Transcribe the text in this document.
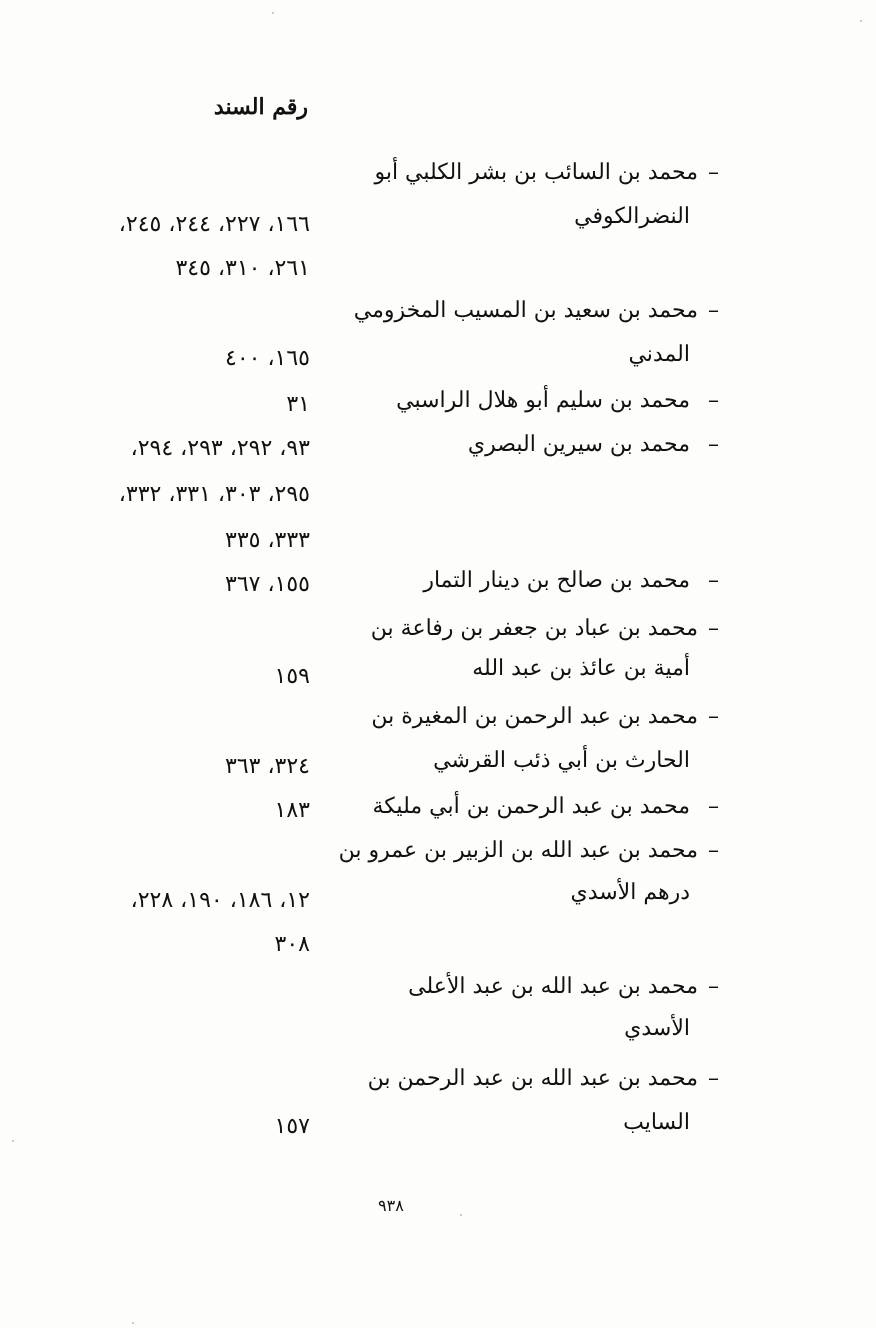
رقم السند
–
محمد بن السائب بن بشر الكلبي أبو
النضرالكوفي
١٦٦، ٢٢٧، ٢٤٤، ٢٤٥،
٢٦١، ٣١٠، ٣٤٥
–
محمد بن سعيد بن المسيب المخزومي
المدني
١٦٥، ٤٠٠
–
محمد بن سليم أبو هلال الراسبي
٣١
–
محمد بن سيرين البصري
٩٣، ٢٩٢، ٢٩٣، ٢٩٤،
٢٩٥، ٣٠٣، ٣٣١، ٣٣٢،
٣٣٣، ٣٣٥
–
محمد بن صالح بن دينار التمار
١٥٥، ٣٦٧
–
محمد بن عباد بن جعفر بن رفاعة بن
أمية بن عائذ بن عبد الله
١٥٩
–
محمد بن عبد الرحمن بن المغيرة بن
الحارث بن أبي ذئب القرشي
٣٢٤، ٣٦٣
–
محمد بن عبد الرحمن بن أبي مليكة
١٨٣
–
محمد بن عبد الله بن الزبير بن عمرو بن
درهم الأسدي
١٢، ١٨٦، ١٩٠، ٢٢٨،
٣٠٨
–
محمد بن عبد الله بن عبد الأعلى
الأسدي
–
محمد بن عبد الله بن عبد الرحمن بن
السايب
١٥٧
٩٣٨
